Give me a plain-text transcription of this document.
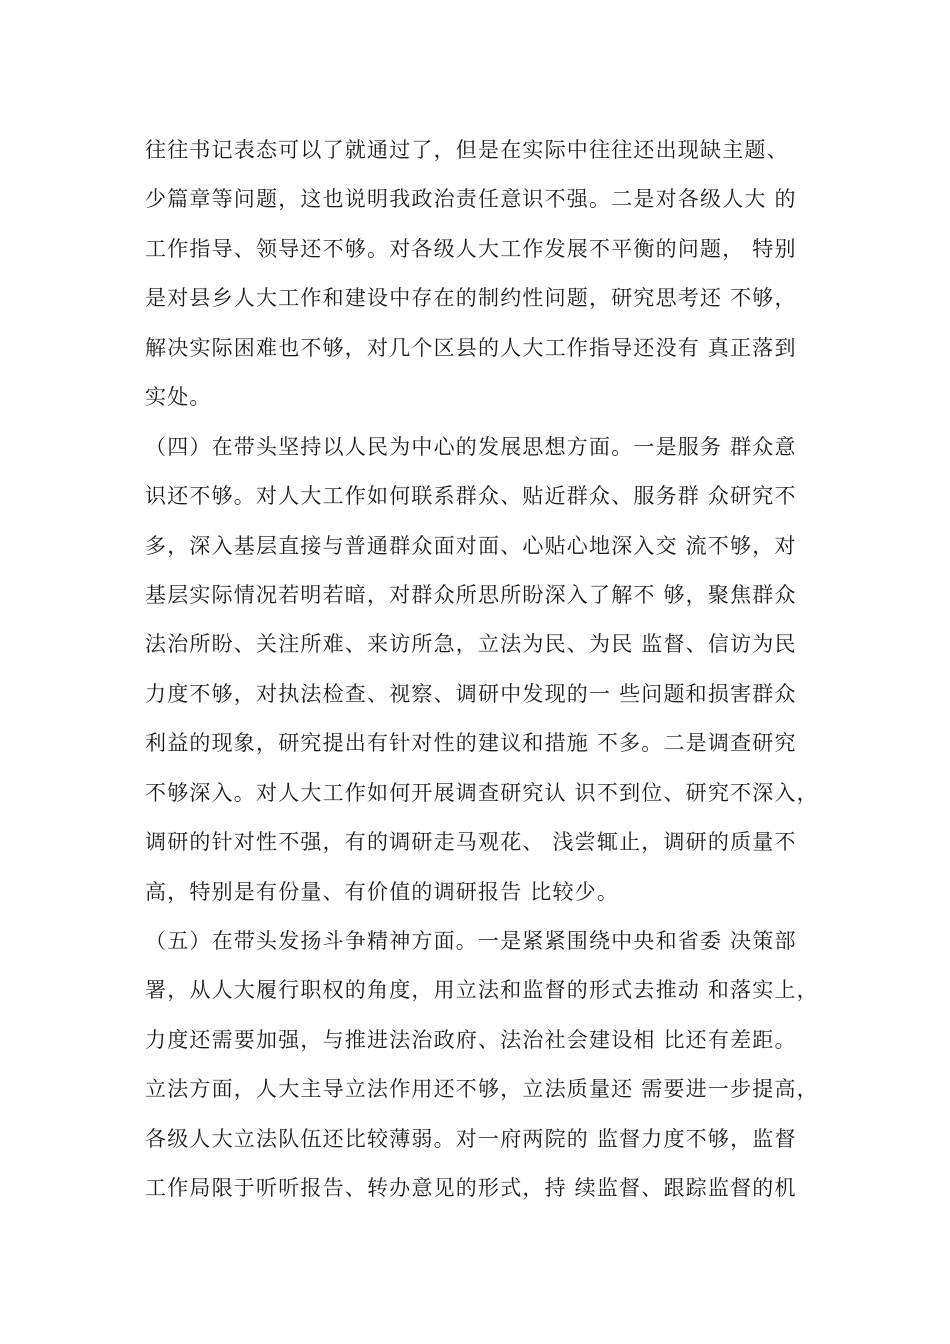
往往书记表态可以了就通过了，但是在实际中往往还出现缺主题、
少篇章等问题，这也说明我政治责任意识不强。二是对各级人大 的
工作指导、领导还不够。对各级人大工作发展不平衡的问题， 特别
是对县乡人大工作和建设中存在的制约性问题，研究思考还 不够，
解决实际困难也不够，对几个区县的人大工作指导还没有 真正落到
实处。
（四）在带头坚持以人民为中心的发展思想方面。一是服务 群众意
识还不够。对人大工作如何联系群众、贴近群众、服务群 众研究不
多，深入基层直接与普通群众面对面、心贴心地深入交 流不够，对
基层实际情况若明若暗，对群众所思所盼深入了解不 够，聚焦群众
法治所盼、关注所难、来访所急，立法为民、为民 监督、信访为民
力度不够，对执法检查、视察、调研中发现的一 些问题和损害群众
利益的现象，研究提出有针对性的建议和措施 不多。二是调查研究
不够深入。对人大工作如何开展调查研究认 识不到位、研究不深入，
调研的针对性不强，有的调研走马观花、 浅尝辄止，调研的质量不
高，特别是有份量、有价值的调研报告 比较少。
（五）在带头发扬斗争精神方面。一是紧紧围绕中央和省委 决策部
署，从人大履行职权的角度，用立法和监督的形式去推动 和落实上，
力度还需要加强，与推进法治政府、法治社会建设相 比还有差距。
立法方面，人大主导立法作用还不够，立法质量还 需要进一步提高，
各级人大立法队伍还比较薄弱。对一府两院的 监督力度不够，监督
工作局限于听听报告、转办意见的形式，持 续监督、跟踪监督的机
